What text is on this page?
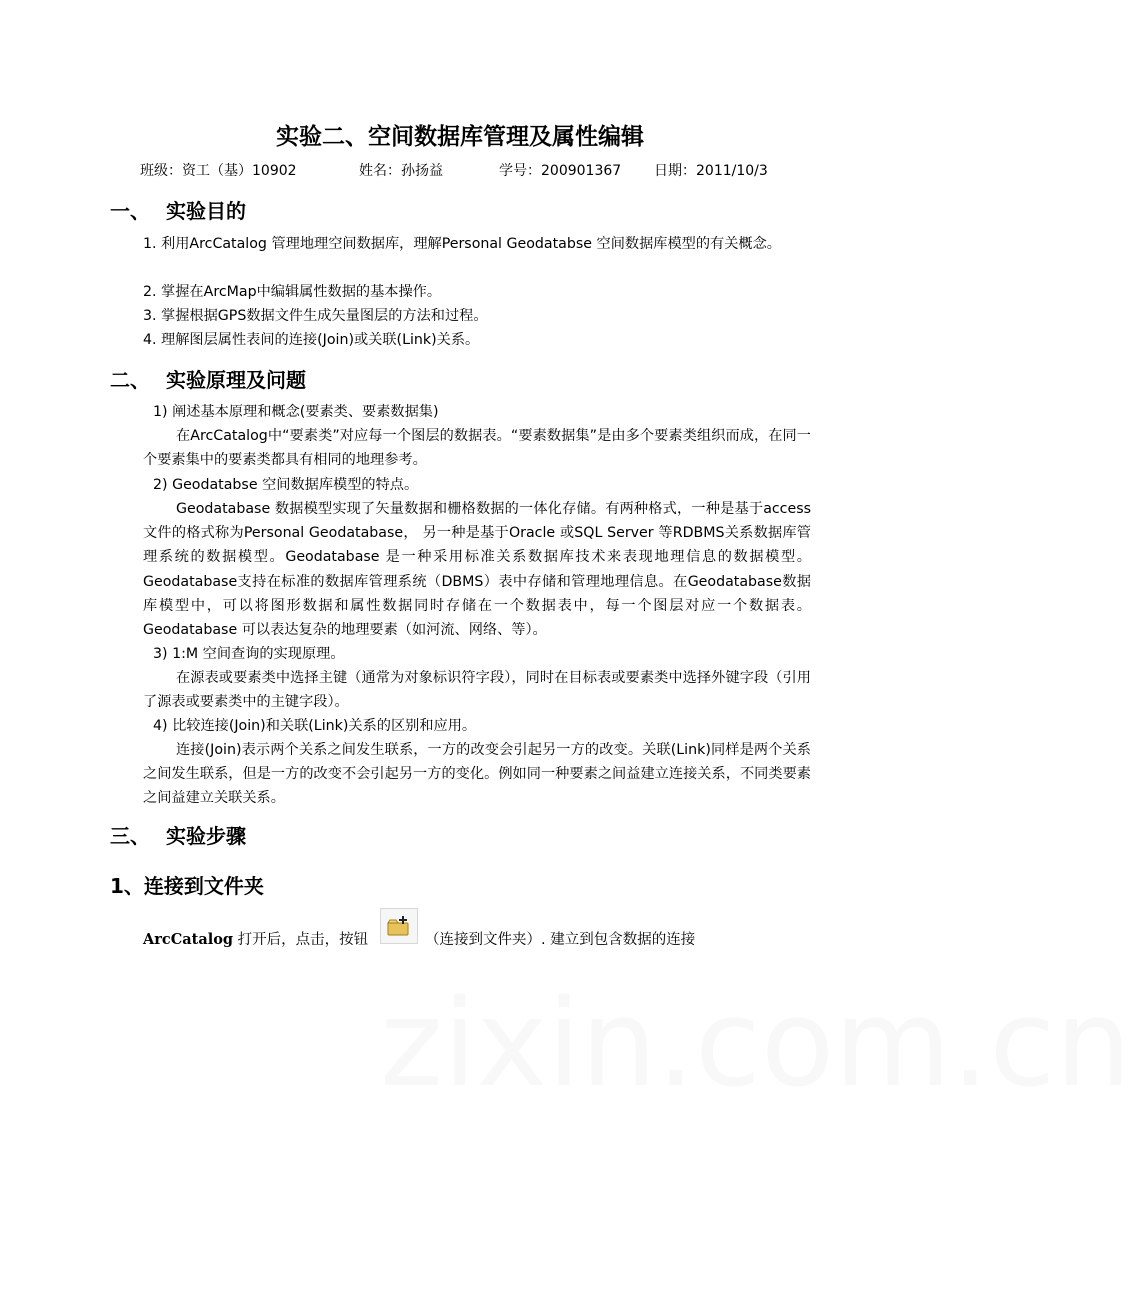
实验二、空间数据库管理及属性编辑
班级：资工（基）10902	姓名：孙扬益	学号：200901367 日期：2011/10/3
一、 实验目的
1. 利用ArcCatalog 管理地理空间数据库，理解Personal Geodatabse 空间数据库模型的有关概念。
2. 掌握在ArcMap中编辑属性数据的基本操作。
3. 掌握根据GPS数据文件生成矢量图层的方法和过程。
4. 理解图层属性表间的连接(Join)或关联(Link)关系。
二、 实验原理及问题
1) 阐述基本原理和概念(要素类、要素数据集)
在ArcCatalog中“要素类”对应每一个图层的数据表。“要素数据集”是由多个要素类组织而成，在同一个要素集中的要素类都具有相同的地理参考。
2) Geodatabse 空间数据库模型的特点。
Geodatabase 数据模型实现了矢量数据和栅格数据的一体化存储。有两种格式，一种是基于access 文件的格式称为Personal Geodatabase， 另一种是基于Oracle 或SQL Server 等RDBMS关系数据库管理系统的数据模型。Geodatabase 是一种采用标准关系数据库技术来表现地理信息的数据模型。Geodatabase支持在标准的数据库管理系统（DBMS）表中存储和管理地理信息。在Geodatabase数据库模型中，可以将图形数据和属性数据同时存储在一个数据表中，每一个图层对应一个数据表。Geodatabase 可以表达复杂的地理要素（如河流、网络、等）。
3) 1:M 空间查询的实现原理。
在源表或要素类中选择主键（通常为对象标识符字段），同时在目标表或要素类中选择外键字段（引用了源表或要素类中的主键字段）。
4) 比较连接(Join)和关联(Link)关系的区别和应用。
连接(Join)表示两个关系之间发生联系，一方的改变会引起另一方的改变。关联(Link)同样是两个关系之间发生联系，但是一方的改变不会引起另一方的变化。例如同一种要素之间益建立连接关系，不同类要素之间益建立关联关系。
三、 实验步骤
1、连接到文件夹
ArcCatalog 打开后，点击，按钮	（连接到文件夹）. 建立到包含数据的连接
zixin.com.cn
